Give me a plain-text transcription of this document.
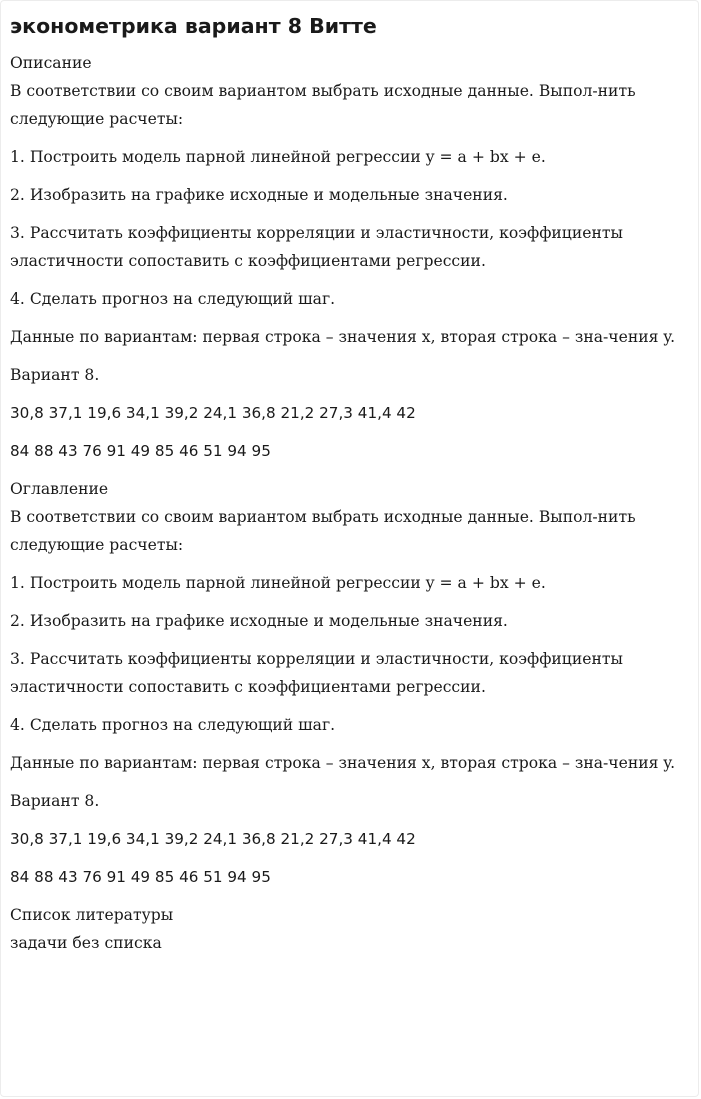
эконометрика вариант 8 Витте
Описание

В соответствии со своим вариантом выбрать исходные данные. Выпол-нить следующие расчеты:

1. Построить модель парной линейной регрессии y = a + bx + e.

2. Изобразить на графике исходные и модельные значения.

3. Рассчитать коэффициенты корреляции и эластичности, коэффициенты эластичности сопоставить с коэффициентами регрессии.

4. Сделать прогноз на следующий шаг.

Данные по вариантам: первая строка – значения x, вторая строка – зна-чения y.

Вариант 8.

30,8 37,1 19,6 34,1 39,2 24,1 36,8 21,2 27,3 41,4 42

84 88 43 76 91 49 85 46 51 94 95

Оглавление

В соответствии со своим вариантом выбрать исходные данные. Выпол-нить следующие расчеты:

1. Построить модель парной линейной регрессии y = a + bx + e.

2. Изобразить на графике исходные и модельные значения.

3. Рассчитать коэффициенты корреляции и эластичности, коэффициенты эластичности сопоставить с коэффициентами регрессии.

4. Сделать прогноз на следующий шаг.

Данные по вариантам: первая строка – значения x, вторая строка – зна-чения y.

Вариант 8.

30,8 37,1 19,6 34,1 39,2 24,1 36,8 21,2 27,3 41,4 42

84 88 43 76 91 49 85 46 51 94 95

Список литературы
задачи без списка
